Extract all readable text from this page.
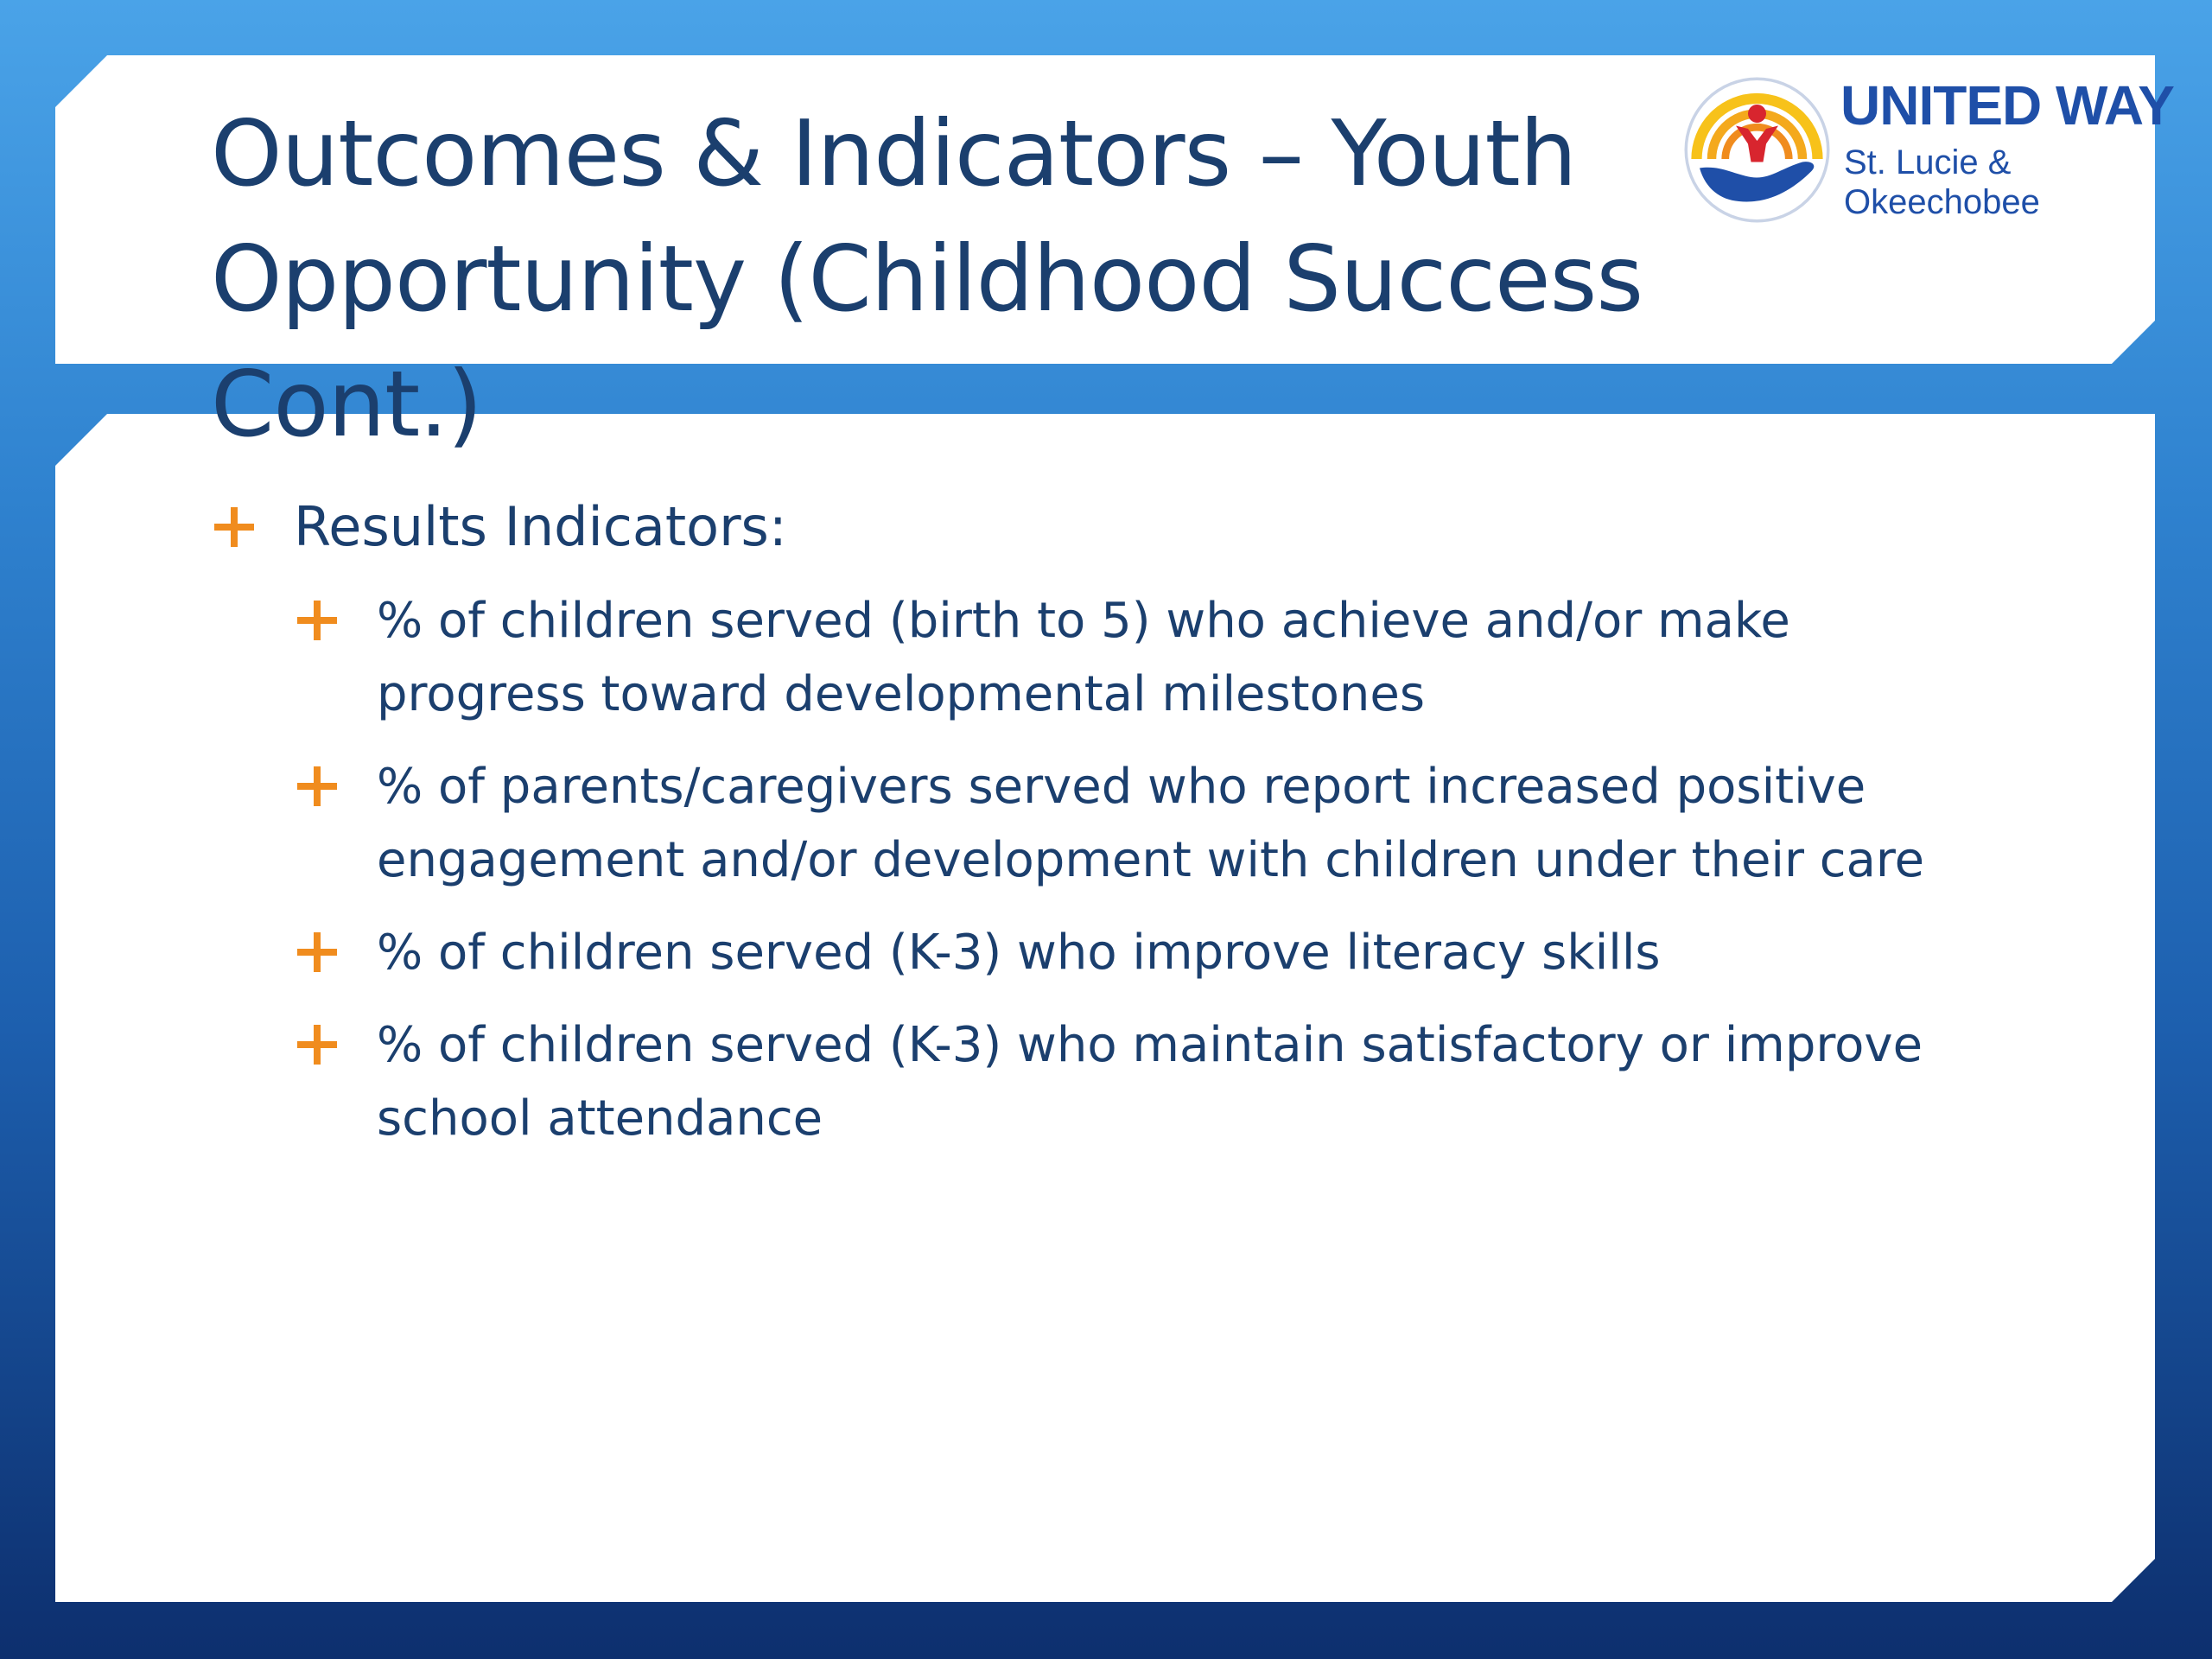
Outcomes & Indicators – Youth
Opportunity (Childhood Success Cont.)
UNITED WAY
St. Lucie &
Okeechobee
Results Indicators:
% of children served (birth to 5) who achieve and/or make
progress toward developmental milestones
% of parents/caregivers served who report increased positive
engagement and/or development with children under their care
% of children served (K-3) who improve literacy skills
% of children served (K-3) who maintain satisfactory or improve
school attendance
